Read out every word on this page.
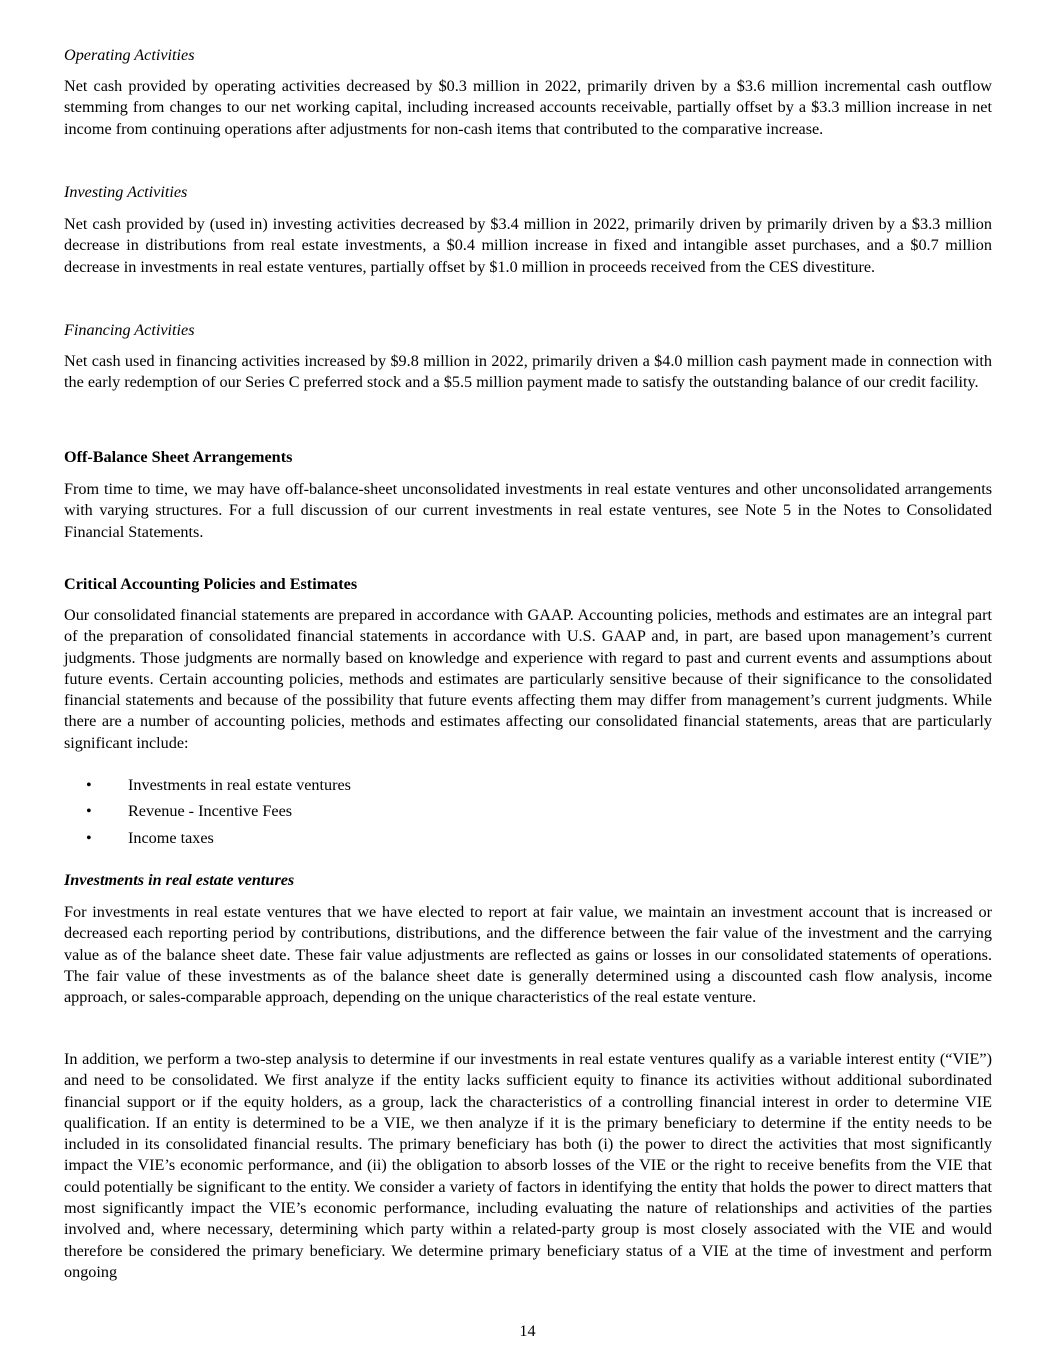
Operating Activities
Net cash provided by operating activities decreased by $0.3 million in 2022, primarily driven by a $3.6 million incremental cash outflow stemming from changes to our net working capital, including increased accounts receivable, partially offset by a $3.3 million increase in net income from continuing operations after adjustments for non-cash items that contributed to the comparative increase.
Investing Activities
Net cash provided by (used in) investing activities decreased by $3.4 million in 2022, primarily driven by primarily driven by a $3.3 million decrease in distributions from real estate investments, a $0.4 million increase in fixed and intangible asset purchases, and a $0.7 million decrease in investments in real estate ventures, partially offset by $1.0 million in proceeds received from the CES divestiture.
Financing Activities
Net cash used in financing activities increased by $9.8 million in 2022, primarily driven a $4.0 million cash payment made in connection with the early redemption of our Series C preferred stock and a $5.5 million payment made to satisfy the outstanding balance of our credit facility.
Off-Balance Sheet Arrangements
From time to time, we may have off-balance-sheet unconsolidated investments in real estate ventures and other unconsolidated arrangements with varying structures. For a full discussion of our current investments in real estate ventures, see Note 5 in the Notes to Consolidated Financial Statements.
Critical Accounting Policies and Estimates
Our consolidated financial statements are prepared in accordance with GAAP. Accounting policies, methods and estimates are an integral part of the preparation of consolidated financial statements in accordance with U.S. GAAP and, in part, are based upon management’s current judgments. Those judgments are normally based on knowledge and experience with regard to past and current events and assumptions about future events. Certain accounting policies, methods and estimates are particularly sensitive because of their significance to the consolidated financial statements and because of the possibility that future events affecting them may differ from management’s current judgments. While there are a number of accounting policies, methods and estimates affecting our consolidated financial statements, areas that are particularly significant include:
• Investments in real estate ventures
• Revenue - Incentive Fees
• Income taxes
Investments in real estate ventures
For investments in real estate ventures that we have elected to report at fair value, we maintain an investment account that is increased or decreased each reporting period by contributions, distributions, and the difference between the fair value of the investment and the carrying value as of the balance sheet date. These fair value adjustments are reflected as gains or losses in our consolidated statements of operations. The fair value of these investments as of the balance sheet date is generally determined using a discounted cash flow analysis, income approach, or sales-comparable approach, depending on the unique characteristics of the real estate venture.
In addition, we perform a two-step analysis to determine if our investments in real estate ventures qualify as a variable interest entity (“VIE”) and need to be consolidated. We first analyze if the entity lacks sufficient equity to finance its activities without additional subordinated financial support or if the equity holders, as a group, lack the characteristics of a controlling financial interest in order to determine VIE qualification. If an entity is determined to be a VIE, we then analyze if it is the primary beneficiary to determine if the entity needs to be included in its consolidated financial results. The primary beneficiary has both (i) the power to direct the activities that most significantly impact the VIE’s economic performance, and (ii) the obligation to absorb losses of the VIE or the right to receive benefits from the VIE that could potentially be significant to the entity. We consider a variety of factors in identifying the entity that holds the power to direct matters that most significantly impact the VIE’s economic performance, including evaluating the nature of relationships and activities of the parties involved and, where necessary, determining which party within a related-party group is most closely associated with the VIE and would therefore be considered the primary beneficiary. We determine primary beneficiary status of a VIE at the time of investment and perform ongoing
14
